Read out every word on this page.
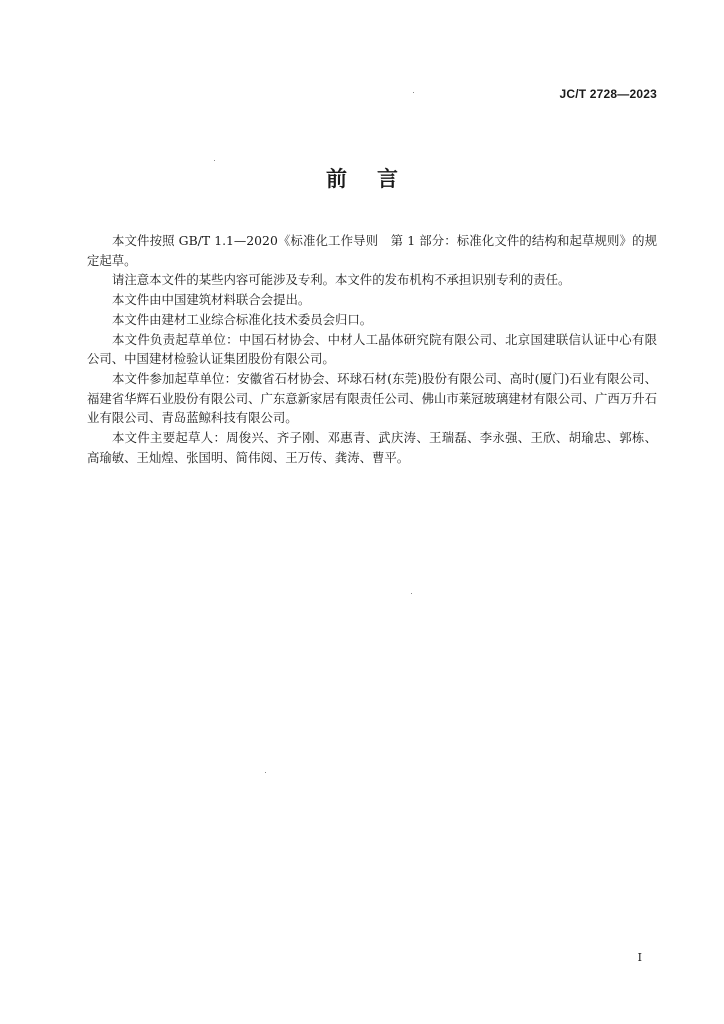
JC/T 2728—2023
前言

本文件按照 GB/T 1.1—2020《标准化工作导则　第 1 部分：标准化文件的结构和起草规则》的规定起草。

请注意本文件的某些内容可能涉及专利。本文件的发布机构不承担识别专利的责任。

本文件由中国建筑材料联合会提出。

本文件由建材工业综合标准化技术委员会归口。

本文件负责起草单位：中国石材协会、中材人工晶体研究院有限公司、北京国建联信认证中心有限公司、中国建材检验认证集团股份有限公司。

本文件参加起草单位：安徽省石材协会、环球石材(东莞)股份有限公司、高时(厦门)石业有限公司、福建省华辉石业股份有限公司、广东意新家居有限责任公司、佛山市莱冠玻璃建材有限公司、广西万升石业有限公司、青岛蓝鲸科技有限公司。

本文件主要起草人：周俊兴、齐子刚、邓惠青、武庆涛、王瑞磊、李永强、王欣、胡瑜忠、郭栋、高瑜敏、王灿煌、张国明、简伟阅、王万传、龚涛、曹平。

I
